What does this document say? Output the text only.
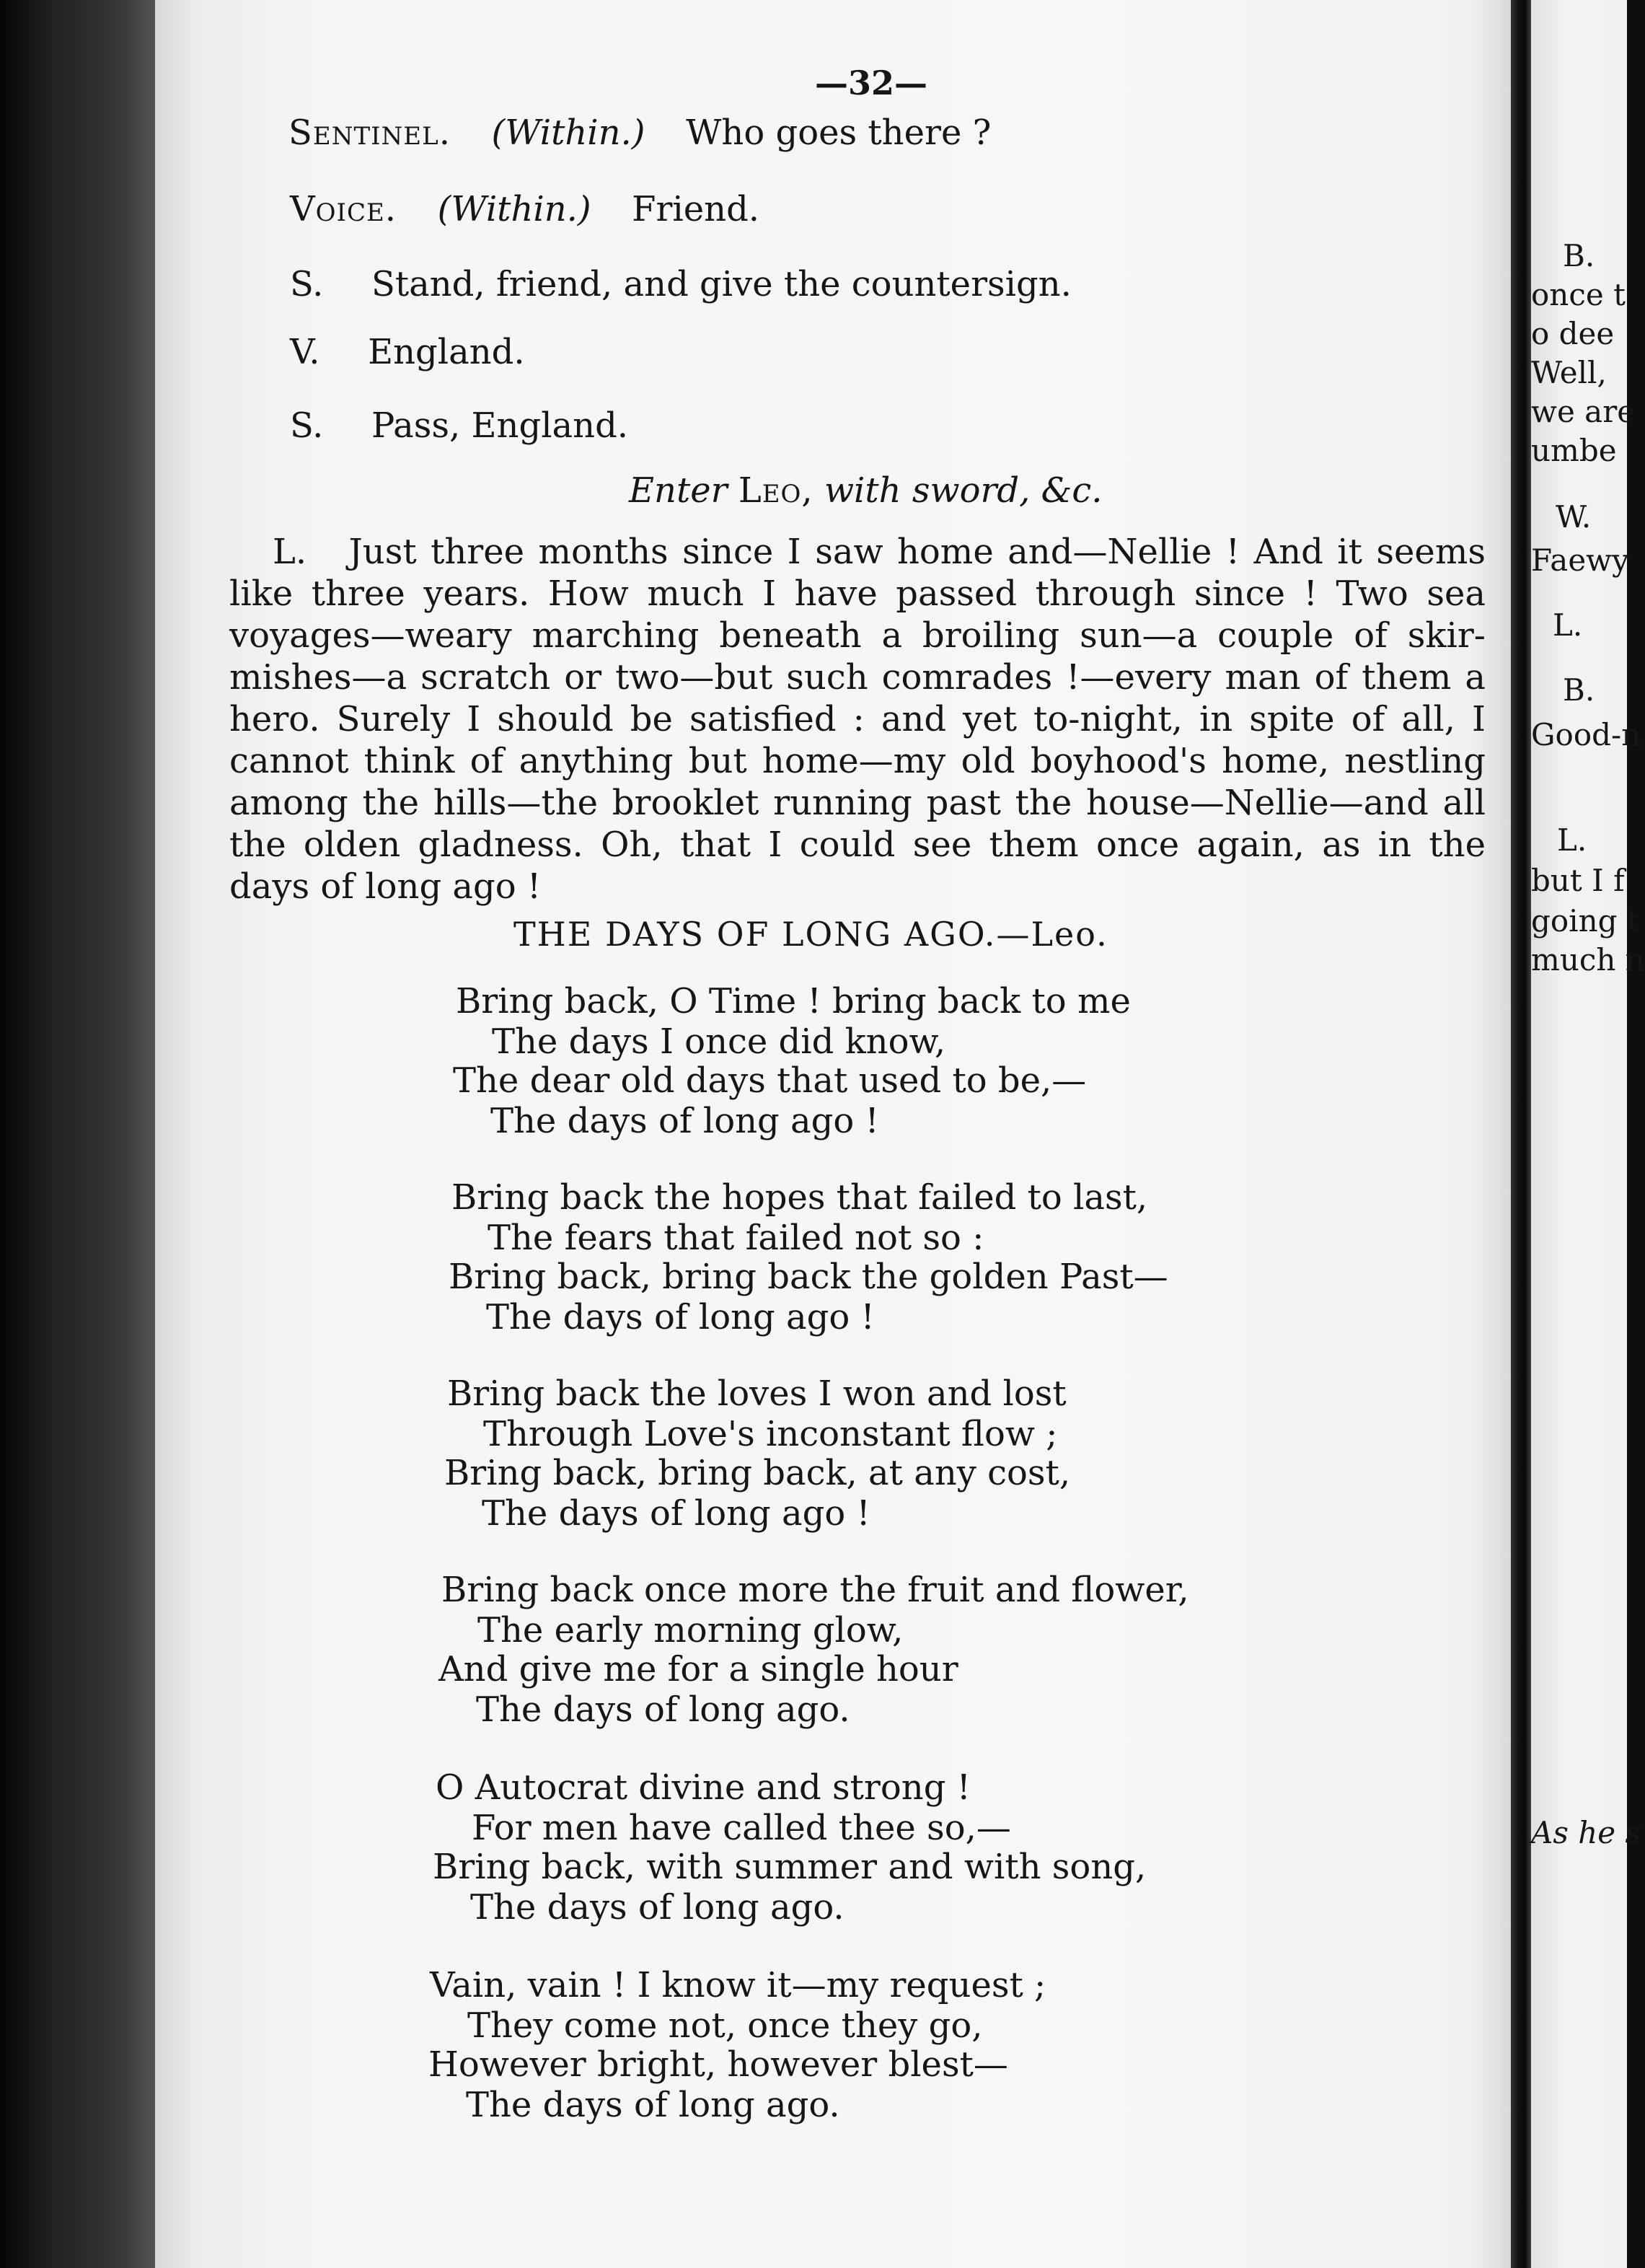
—32—
Sentinel. (Within.) Who goes there ?
Voice. (Within.) Friend.
S. Stand, friend, and give the countersign.
V. England.
S. Pass, England.
Enter Leo, with sword, &c.
L. Just three months since I saw home and—Nellie ! And it seems
like three years. How much I have passed through since ! Two sea
voyages—weary marching beneath a broiling sun—a couple of skir-
mishes—a scratch or two—but such comrades !—every man of them a
hero. Surely I should be satisfied : and yet to-night, in spite of all, I
cannot think of anything but home—my old boyhood's home, nestling
among the hills—the brooklet running past the house—Nellie—and all
the olden gladness. Oh, that I could see them once again, as in the
days of long ago !
THE DAYS OF LONG AGO.—Leo.
Bring back, O Time ! bring back to me
The days I once did know,
The dear old days that used to be,—
The days of long ago !
Bring back the hopes that failed to last,
The fears that failed not so :
Bring back, bring back the golden Past—
The days of long ago !
Bring back the loves I won and lost
Through Love's inconstant flow ;
Bring back, bring back, at any cost,
The days of long ago !
Bring back once more the fruit and flower,
The early morning glow,
And give me for a single hour
The days of long ago.
O Autocrat divine and strong !
For men have called thee so,—
Bring back, with summer and with song,
The days of long ago.
Vain, vain ! I know it—my request ;
They come not, once they go,
However bright, however blest—
The days of long ago.
B.
once t
o dee
Well,
we are
umbe
W.
Faewy
L.
B.
Good-n
L.
but I f
going t
much n
As he s
